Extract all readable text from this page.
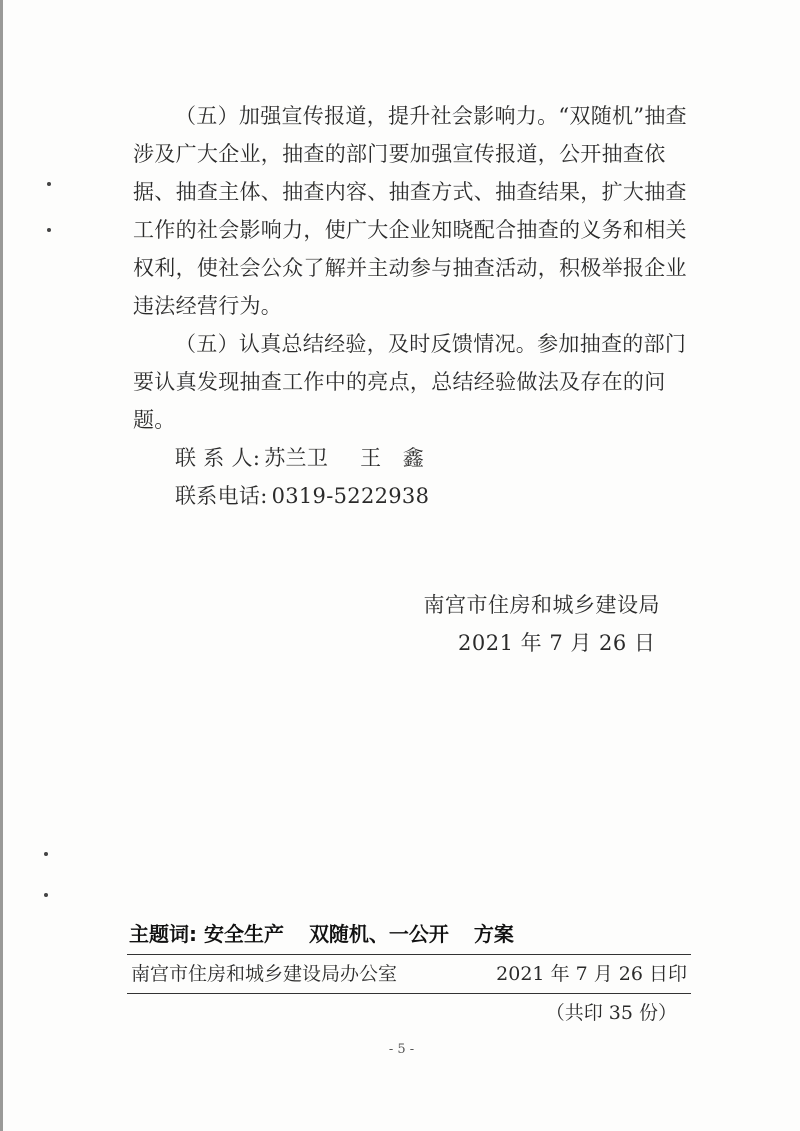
（五）加强宣传报道，提升社会影响力。“双随机”抽查涉及广大企业，抽查的部门要加强宣传报道，公开抽查依据、抽查主体、抽查内容、抽查方式、抽查结果，扩大抽查工作的社会影响力，使广大企业知晓配合抽查的义务和相关权利，使社会公众了解并主动参与抽查活动，积极举报企业违法经营行为。

（五）认真总结经验，及时反馈情况。参加抽查的部门要认真发现抽查工作中的亮点，总结经验做法及存在的问题。

联 系 人: 苏兰卫 王　鑫

联系电话: 0319-5222938

南宫市住房和城乡建设局
2021 年 7 月 26 日
主题词: 安全生产 双随机、一公开 方案
南宫市住房和城乡建设局办公室	2021 年 7 月 26 日印
（共印 35 份）
- 5 -
